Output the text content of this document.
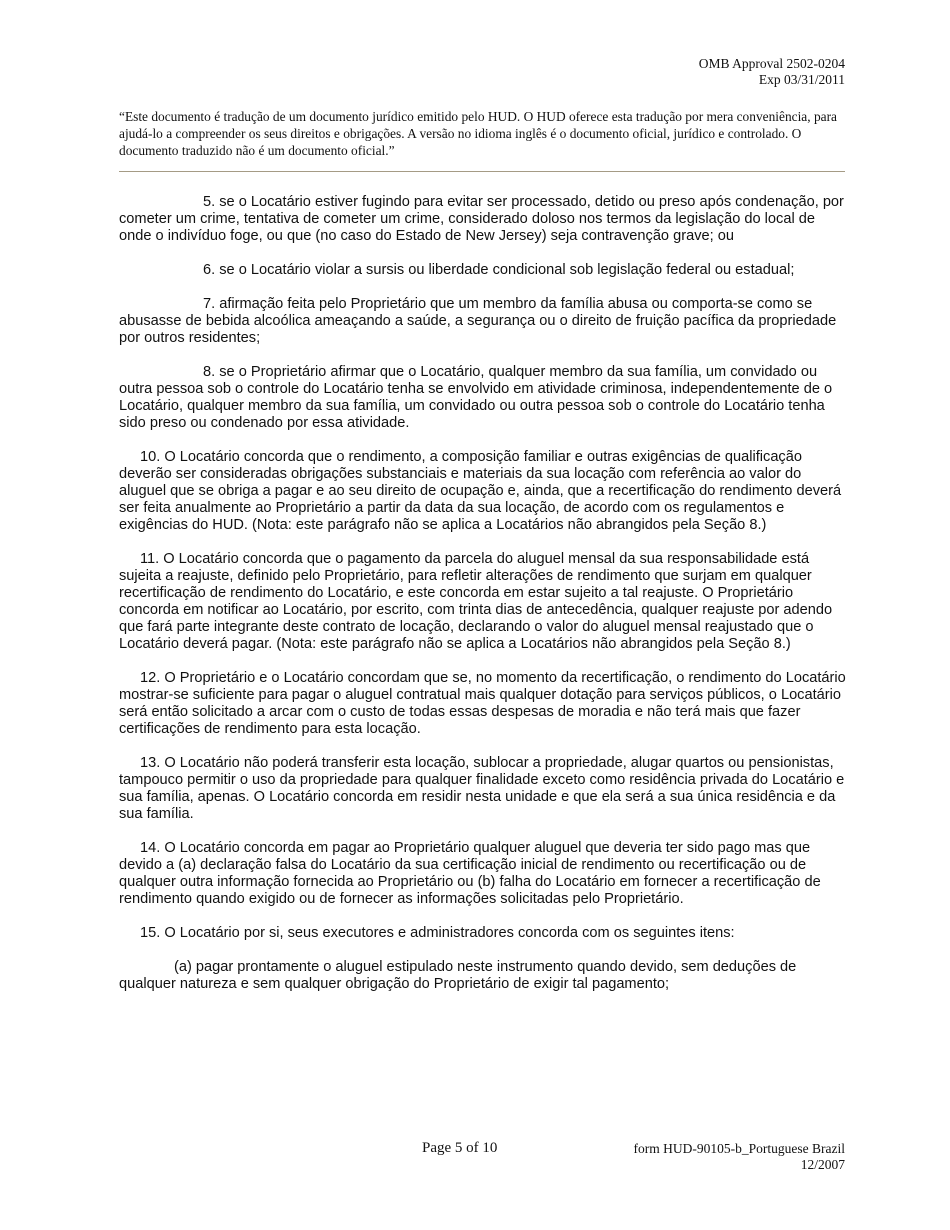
OMB Approval 2502-0204
Exp 03/31/2011
“Este documento é tradução de um documento jurídico emitido pelo HUD. O HUD oferece esta tradução por mera conveniência, para ajudá-lo a compreender os seus direitos e obrigações. A versão no idioma inglês é o documento oficial, jurídico e controlado. O documento traduzido não é um documento oficial.”

5. se o Locatário estiver fugindo para evitar ser processado, detido ou preso após condenação, por cometer um crime, tentativa de cometer um crime, considerado doloso nos termos da legislação do local de onde o indivíduo foge, ou que (no caso do Estado de New Jersey) seja contravenção grave; ou

6. se o Locatário violar a sursis ou liberdade condicional sob legislação federal ou estadual;

7. afirmação feita pelo Proprietário que um membro da família abusa ou comporta-se como se abusasse de bebida alcoólica ameaçando a saúde, a segurança ou o direito de fruição pacífica da propriedade por outros residentes;

8. se o Proprietário afirmar que o Locatário, qualquer membro da sua família, um convidado ou outra pessoa sob o controle do Locatário tenha se envolvido em atividade criminosa, independentemente de o Locatário, qualquer membro da sua família, um convidado ou outra pessoa sob o controle do Locatário tenha sido preso ou condenado por essa atividade.

10. O Locatário concorda que o rendimento, a composição familiar e outras exigências de qualificação deverão ser consideradas obrigações substanciais e materiais da sua locação com referência ao valor do aluguel que se obriga a pagar e ao seu direito de ocupação e, ainda, que a recertificação do rendimento deverá ser feita anualmente ao Proprietário a partir da data da sua locação, de acordo com os regulamentos e exigências do HUD. (Nota: este parágrafo não se aplica a Locatários não abrangidos pela Seção 8.)

11. O Locatário concorda que o pagamento da parcela do aluguel mensal da sua responsabilidade está sujeita a reajuste, definido pelo Proprietário, para refletir alterações de rendimento que surjam em qualquer recertificação de rendimento do Locatário, e este concorda em estar sujeito a tal reajuste. O Proprietário concorda em notificar ao Locatário, por escrito, com trinta dias de antecedência, qualquer reajuste por adendo que fará parte integrante deste contrato de locação, declarando o valor do aluguel mensal reajustado que o Locatário deverá pagar. (Nota: este parágrafo não se aplica a Locatários não abrangidos pela Seção 8.)

12. O Proprietário e o Locatário concordam que se, no momento da recertificação, o rendimento do Locatário mostrar-se suficiente para pagar o aluguel contratual mais qualquer dotação para serviços públicos, o Locatário será então solicitado a arcar com o custo de todas essas despesas de moradia e não terá mais que fazer certificações de rendimento para esta locação.

13. O Locatário não poderá transferir esta locação, sublocar a propriedade, alugar quartos ou pensionistas, tampouco permitir o uso da propriedade para qualquer finalidade exceto como residência privada do Locatário e sua família, apenas. O Locatário concorda em residir nesta unidade e que ela será a sua única residência e da sua família.

14. O Locatário concorda em pagar ao Proprietário qualquer aluguel que deveria ter sido pago mas que devido a (a) declaração falsa do Locatário da sua certificação inicial de rendimento ou recertificação ou de qualquer outra informação fornecida ao Proprietário ou (b) falha do Locatário em fornecer a recertificação de rendimento quando exigido ou de fornecer as informações solicitadas pelo Proprietário.

15. O Locatário por si, seus executores e administradores concorda com os seguintes itens:

(a) pagar prontamente o aluguel estipulado neste instrumento quando devido, sem deduções de qualquer natureza e sem qualquer obrigação do Proprietário de exigir tal pagamento;

Page 5 of 10	form HUD-90105-b_Portuguese Brazil
12/2007
